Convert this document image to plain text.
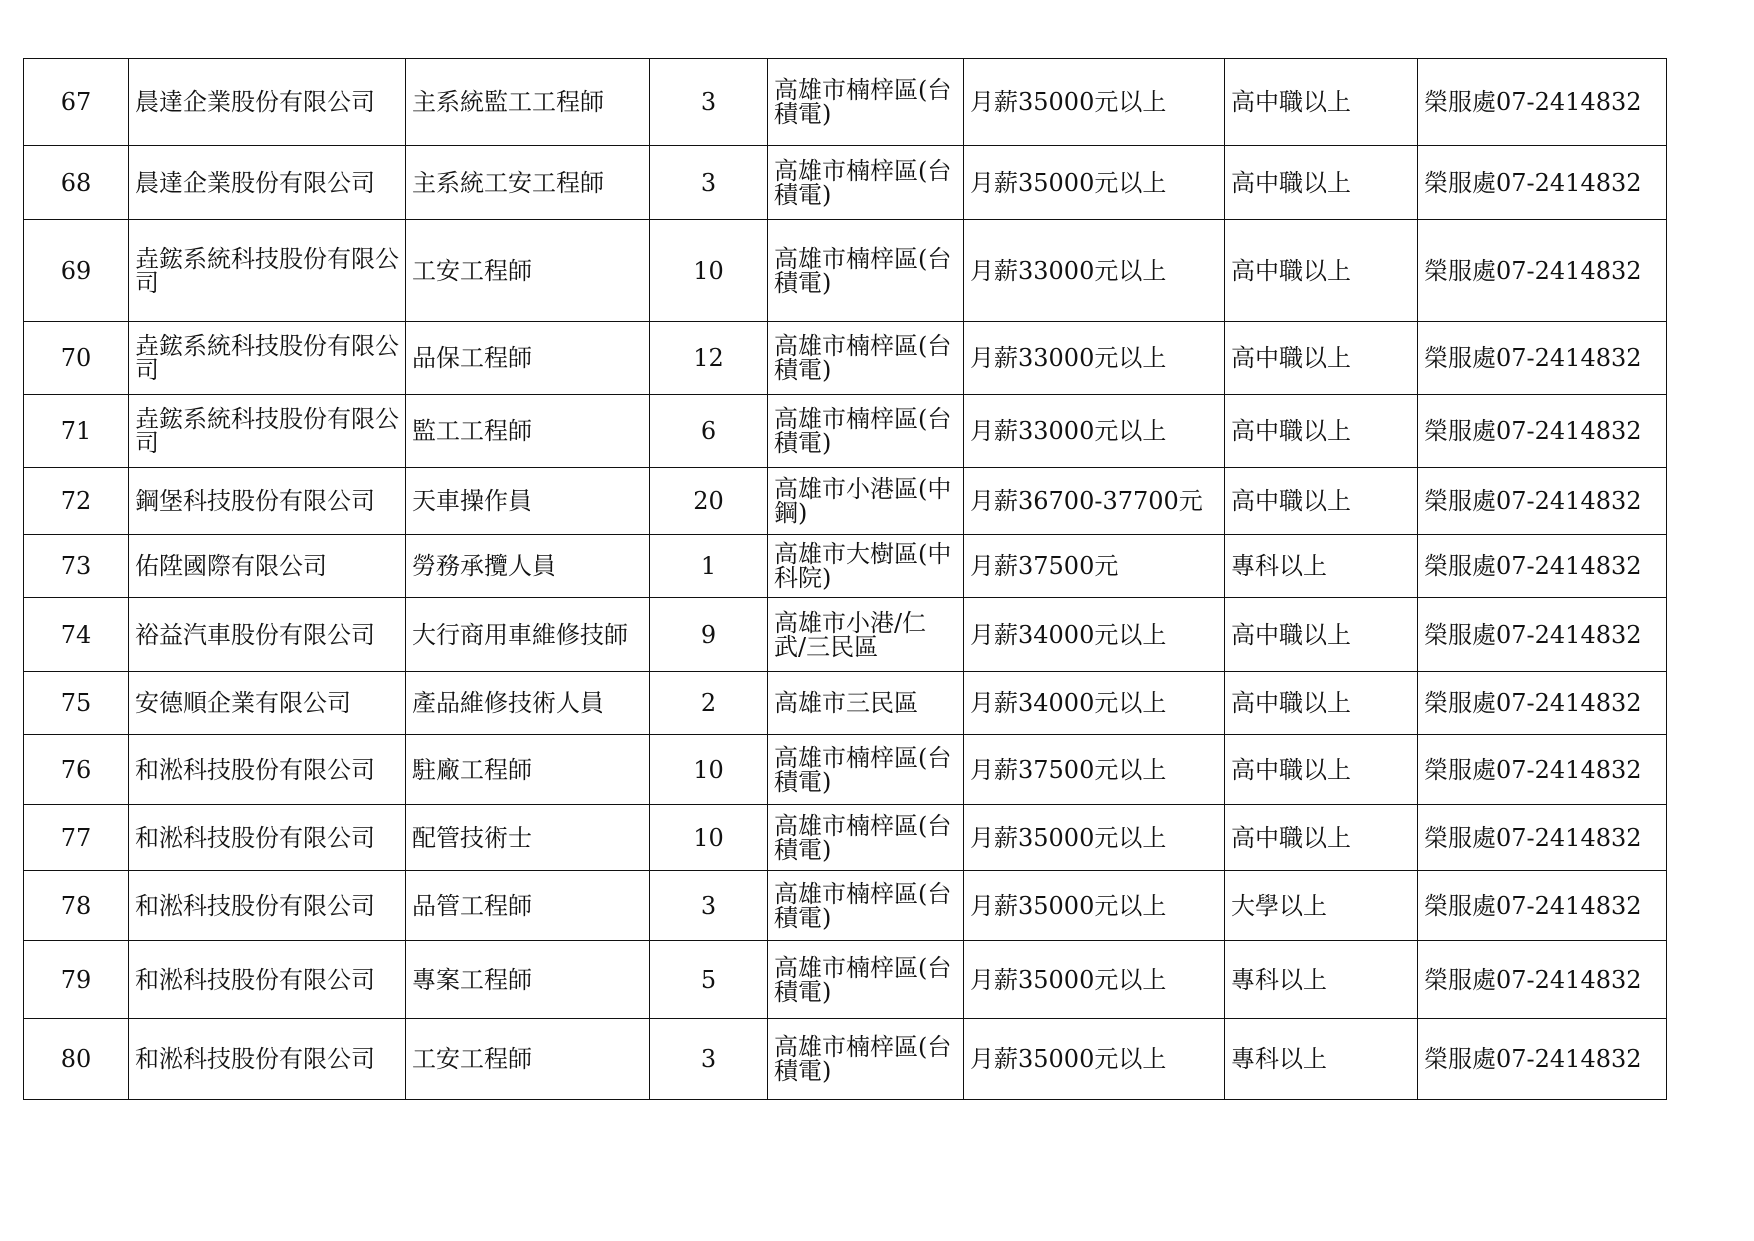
67	晨達企業股份有限公司	主系統監工工程師	3	高雄市楠梓區(台積電)	月薪35000元以上	高中職以上	榮服處07-2414832
68	晨達企業股份有限公司	主系統工安工程師	3	高雄市楠梓區(台積電)	月薪35000元以上	高中職以上	榮服處07-2414832
69	垚鋐系統科技股份有限公司	工安工程師	10	高雄市楠梓區(台積電)	月薪33000元以上	高中職以上	榮服處07-2414832
70	垚鋐系統科技股份有限公司	品保工程師	12	高雄市楠梓區(台積電)	月薪33000元以上	高中職以上	榮服處07-2414832
71	垚鋐系統科技股份有限公司	監工工程師	6	高雄市楠梓區(台積電)	月薪33000元以上	高中職以上	榮服處07-2414832
72	鋼堡科技股份有限公司	天車操作員	20	高雄市小港區(中鋼)	月薪36700-37700元	高中職以上	榮服處07-2414832
73	佑陞國際有限公司	勞務承攬人員	1	高雄市大樹區(中科院)	月薪37500元	專科以上	榮服處07-2414832
74	裕益汽車股份有限公司	大行商用車維修技師	9	高雄市小港/仁武/三民區	月薪34000元以上	高中職以上	榮服處07-2414832
75	安德順企業有限公司	產品維修技術人員	2	高雄市三民區	月薪34000元以上	高中職以上	榮服處07-2414832
76	和淞科技股份有限公司	駐廠工程師	10	高雄市楠梓區(台積電)	月薪37500元以上	高中職以上	榮服處07-2414832
77	和淞科技股份有限公司	配管技術士	10	高雄市楠梓區(台積電)	月薪35000元以上	高中職以上	榮服處07-2414832
78	和淞科技股份有限公司	品管工程師	3	高雄市楠梓區(台積電)	月薪35000元以上	大學以上	榮服處07-2414832
79	和淞科技股份有限公司	專案工程師	5	高雄市楠梓區(台積電)	月薪35000元以上	專科以上	榮服處07-2414832
80	和淞科技股份有限公司	工安工程師	3	高雄市楠梓區(台積電)	月薪35000元以上	專科以上	榮服處07-2414832
